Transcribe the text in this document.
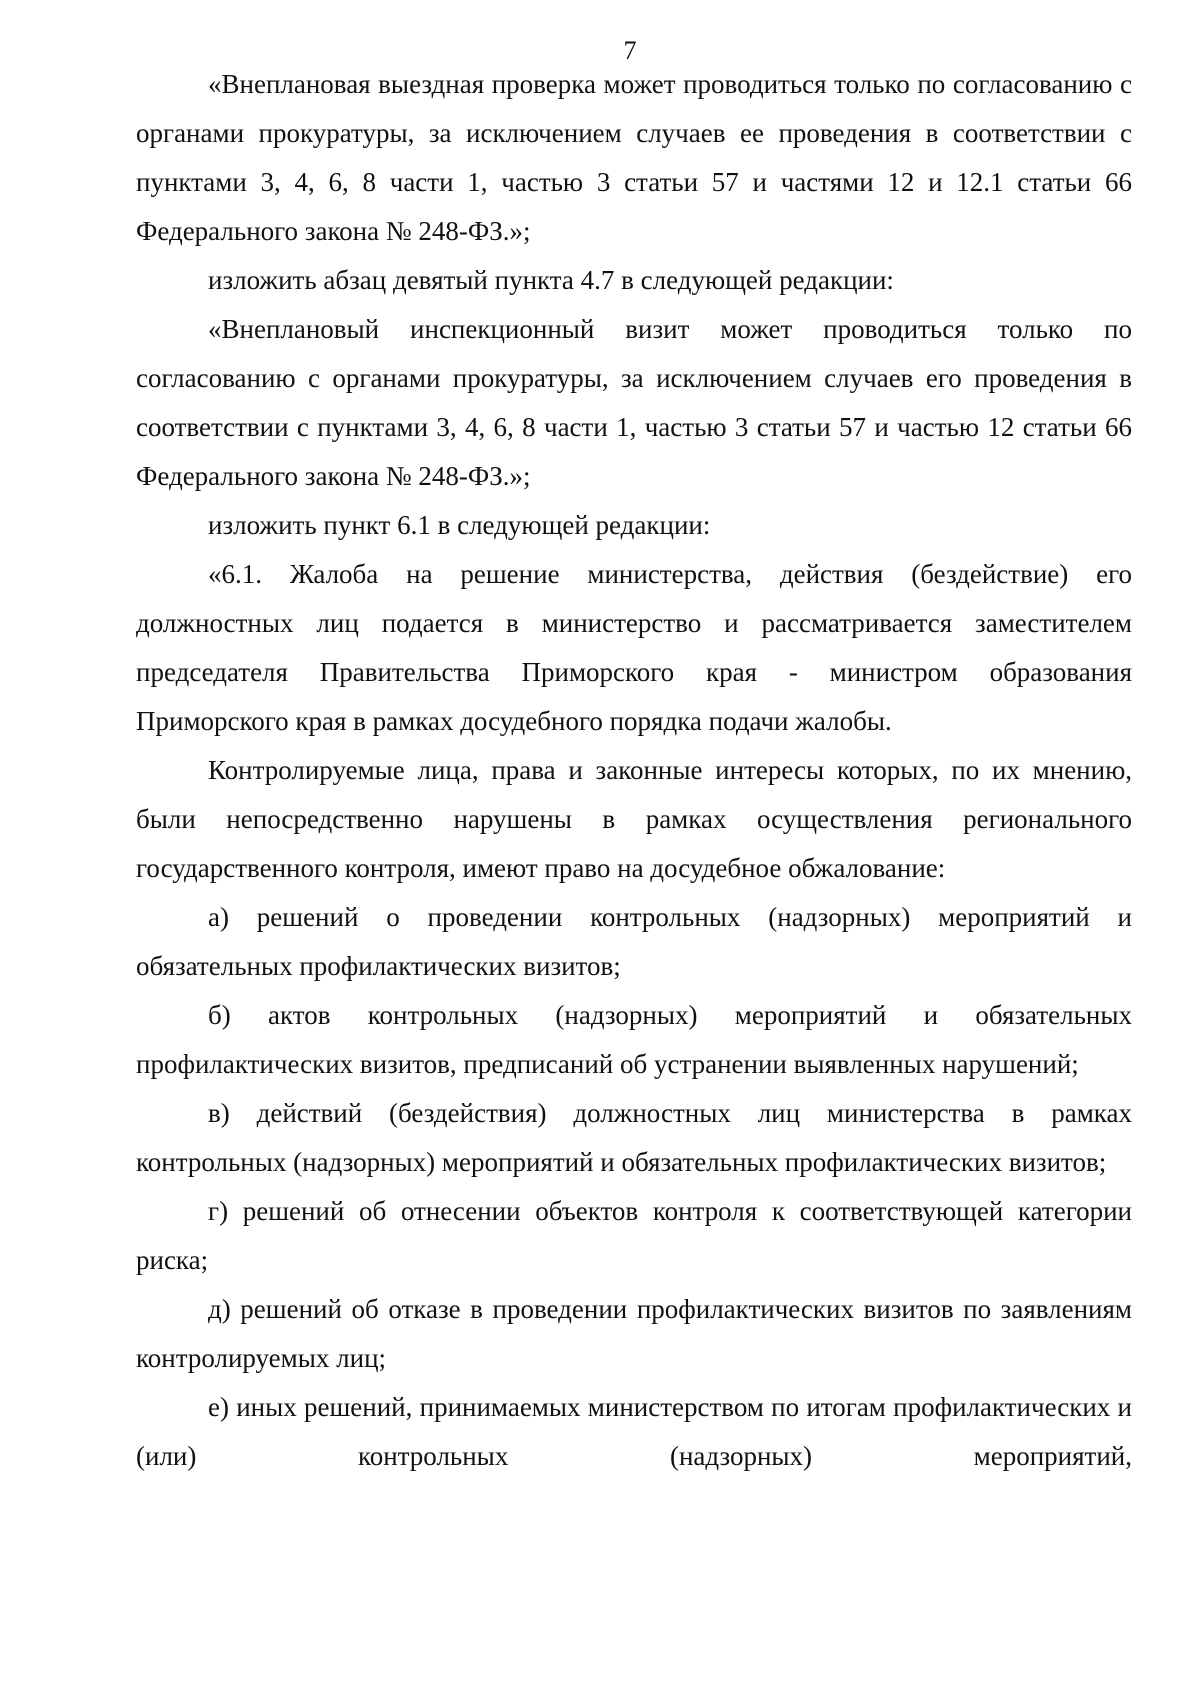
7

«Внеплановая выездная проверка может проводиться только по согласованию с органами прокуратуры, за исключением случаев ее проведения в соответствии с пунктами 3, 4, 6, 8 части 1, частью 3 статьи 57 и частями 12 и 12.1 статьи 66 Федерального закона № 248-ФЗ.»;

изложить абзац девятый пункта 4.7 в следующей редакции:

«Внеплановый инспекционный визит может проводиться только по согласованию с органами прокуратуры, за исключением случаев его проведения в соответствии с пунктами 3, 4, 6, 8 части 1, частью 3 статьи 57 и частью 12 статьи 66 Федерального закона № 248-ФЗ.»;

изложить пункт 6.1 в следующей редакции:

«6.1. Жалоба на решение министерства, действия (бездействие) его должностных лиц подается в министерство и рассматривается заместителем председателя Правительства Приморского края - министром образования Приморского края в рамках досудебного порядка подачи жалобы.

Контролируемые лица, права и законные интересы которых, по их мнению, были непосредственно нарушены в рамках осуществления регионального государственного контроля, имеют право на досудебное обжалование:

а) решений о проведении контрольных (надзорных) мероприятий и обязательных профилактических визитов;

б) актов контрольных (надзорных) мероприятий и обязательных профилактических визитов, предписаний об устранении выявленных нарушений;

в) действий (бездействия) должностных лиц министерства в рамках контрольных (надзорных) мероприятий и обязательных профилактических визитов;

г) решений об отнесении объектов контроля к соответствующей категории риска;

д) решений об отказе в проведении профилактических визитов по заявлениям контролируемых лиц;

е) иных решений, принимаемых министерством по итогам профилактических и (или) контрольных (надзорных) мероприятий,
